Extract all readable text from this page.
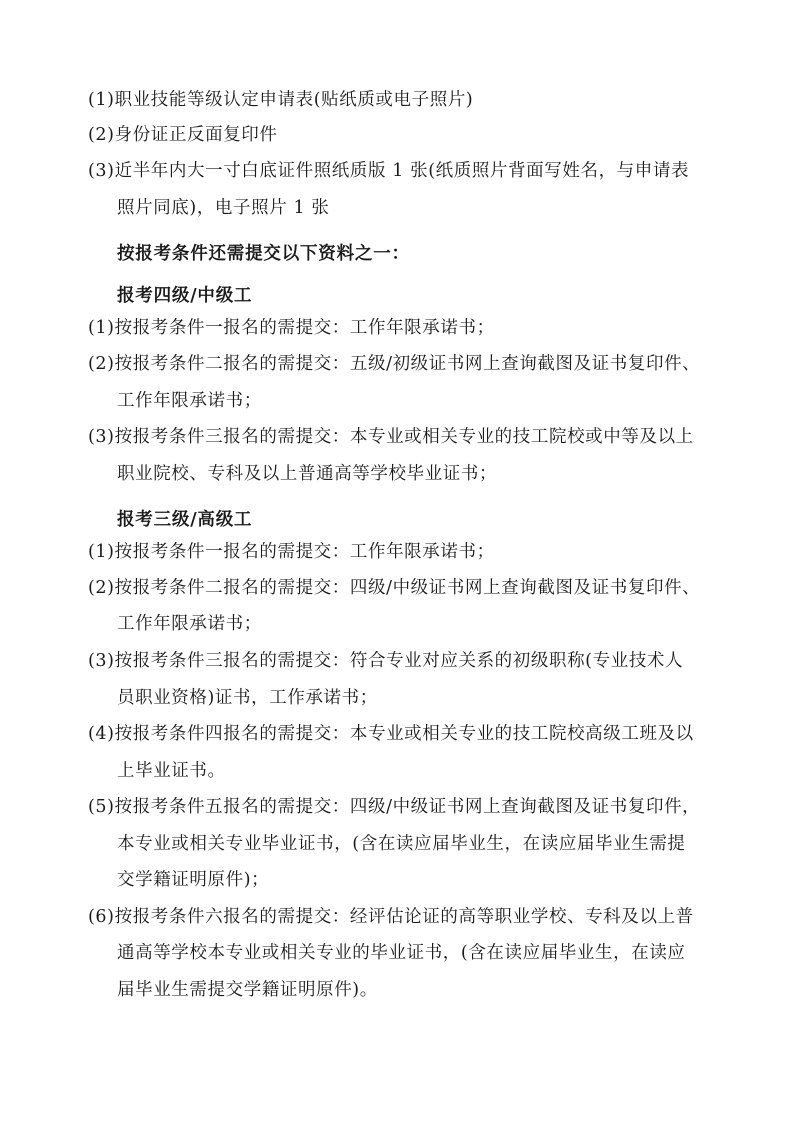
(1)职业技能等级认定申请表(贴纸质或电子照片)
(2)身份证正反面复印件
(3)近半年内大一寸白底证件照纸质版 1 张(纸质照片背面写姓名，与申请表
照片同底)，电子照片 1 张
按报考条件还需提交以下资料之一：
报考四级/中级工
(1)按报考条件一报名的需提交：工作年限承诺书；
(2)按报考条件二报名的需提交：五级/初级证书网上查询截图及证书复印件、
工作年限承诺书；
(3)按报考条件三报名的需提交：本专业或相关专业的技工院校或中等及以上
职业院校、专科及以上普通高等学校毕业证书；
报考三级/高级工
(1)按报考条件一报名的需提交：工作年限承诺书；
(2)按报考条件二报名的需提交：四级/中级证书网上查询截图及证书复印件、
工作年限承诺书；
(3)按报考条件三报名的需提交：符合专业对应关系的初级职称(专业技术人
员职业资格)证书，工作承诺书；
(4)按报考条件四报名的需提交：本专业或相关专业的技工院校高级工班及以
上毕业证书。
(5)按报考条件五报名的需提交：四级/中级证书网上查询截图及证书复印件，
本专业或相关专业毕业证书，(含在读应届毕业生，在读应届毕业生需提
交学籍证明原件)；
(6)按报考条件六报名的需提交：经评估论证的高等职业学校、专科及以上普
通高等学校本专业或相关专业的毕业证书，(含在读应届毕业生，在读应
届毕业生需提交学籍证明原件)。
